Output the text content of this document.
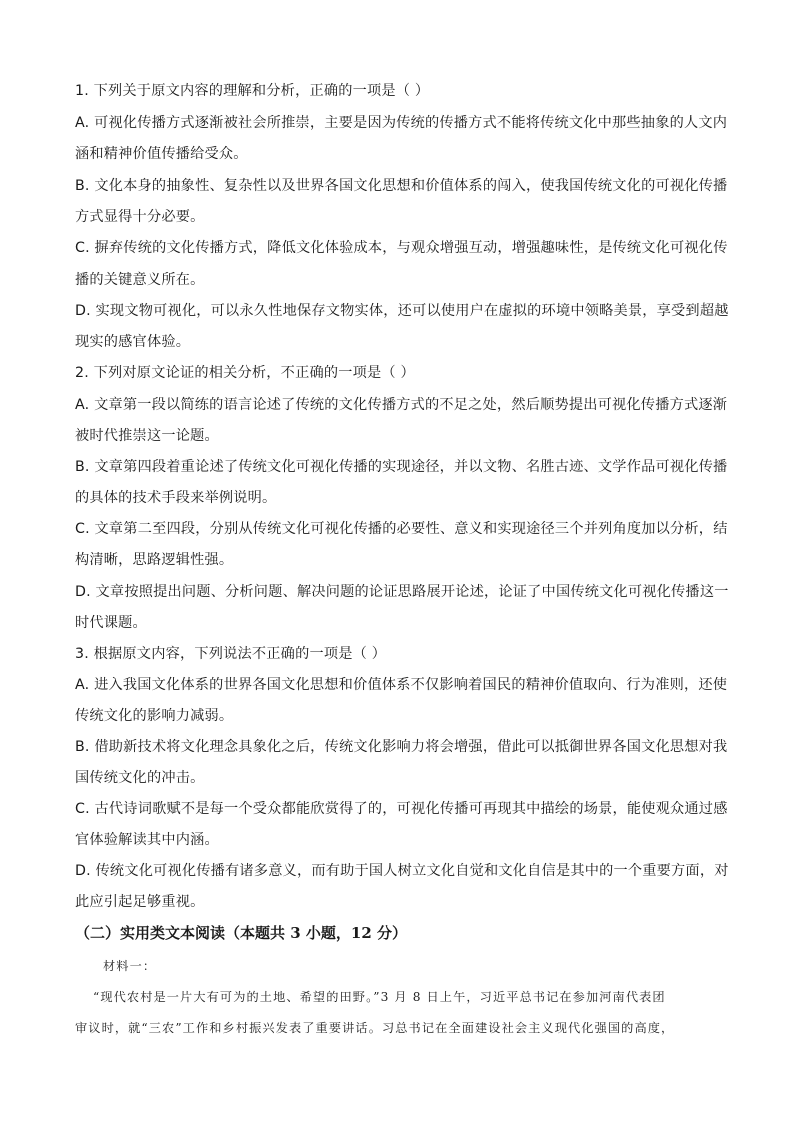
1. 下列关于原文内容的理解和分析，正确的一项是（ ）
A. 可视化传播方式逐渐被社会所推崇，主要是因为传统的传播方式不能将传统文化中那些抽象的人文内
涵和精神价值传播给受众。
B. 文化本身的抽象性、复杂性以及世界各国文化思想和价值体系的闯入，使我国传统文化的可视化传播
方式显得十分必要。
C. 摒弃传统的文化传播方式，降低文化体验成本，与观众增强互动，增强趣味性，是传统文化可视化传
播的关键意义所在。
D. 实现文物可视化，可以永久性地保存文物实体，还可以使用户在虚拟的环境中领略美景，享受到超越
现实的感官体验。
2. 下列对原文论证的相关分析，不正确的一项是（ ）
A. 文章第一段以简练的语言论述了传统的文化传播方式的不足之处，然后顺势提出可视化传播方式逐渐
被时代推崇这一论题。
B. 文章第四段着重论述了传统文化可视化传播的实现途径，并以文物、名胜古迹、文学作品可视化传播
的具体的技术手段来举例说明。
C. 文章第二至四段，分别从传统文化可视化传播的必要性、意义和实现途径三个并列角度加以分析，结
构清晰，思路逻辑性强。
D. 文章按照提出问题、分析问题、解决问题的论证思路展开论述，论证了中国传统文化可视化传播这一
时代课题。
3. 根据原文内容，下列说法不正确的一项是（ ）
A. 进入我国文化体系的世界各国文化思想和价值体系不仅影响着国民的精神价值取向、行为准则，还使
传统文化的影响力减弱。
B. 借助新技术将文化理念具象化之后，传统文化影响力将会增强，借此可以抵御世界各国文化思想对我
国传统文化的冲击。
C. 古代诗词歌赋不是每一个受众都能欣赏得了的，可视化传播可再现其中描绘的场景，能使观众通过感
官体验解读其中内涵。
D. 传统文化可视化传播有诸多意义，而有助于国人树立文化自觉和文化自信是其中的一个重要方面，对
此应引起足够重视。
（二）实用类文本阅读（本题共 3 小题，12 分）
材料一：
“现代农村是一片大有可为的土地、希望的田野。”3 月 8 日上午，习近平总书记在参加河南代表团
审议时，就“三农”工作和乡村振兴发表了重要讲话。习总书记在全面建设社会主义现代化强国的高度，
